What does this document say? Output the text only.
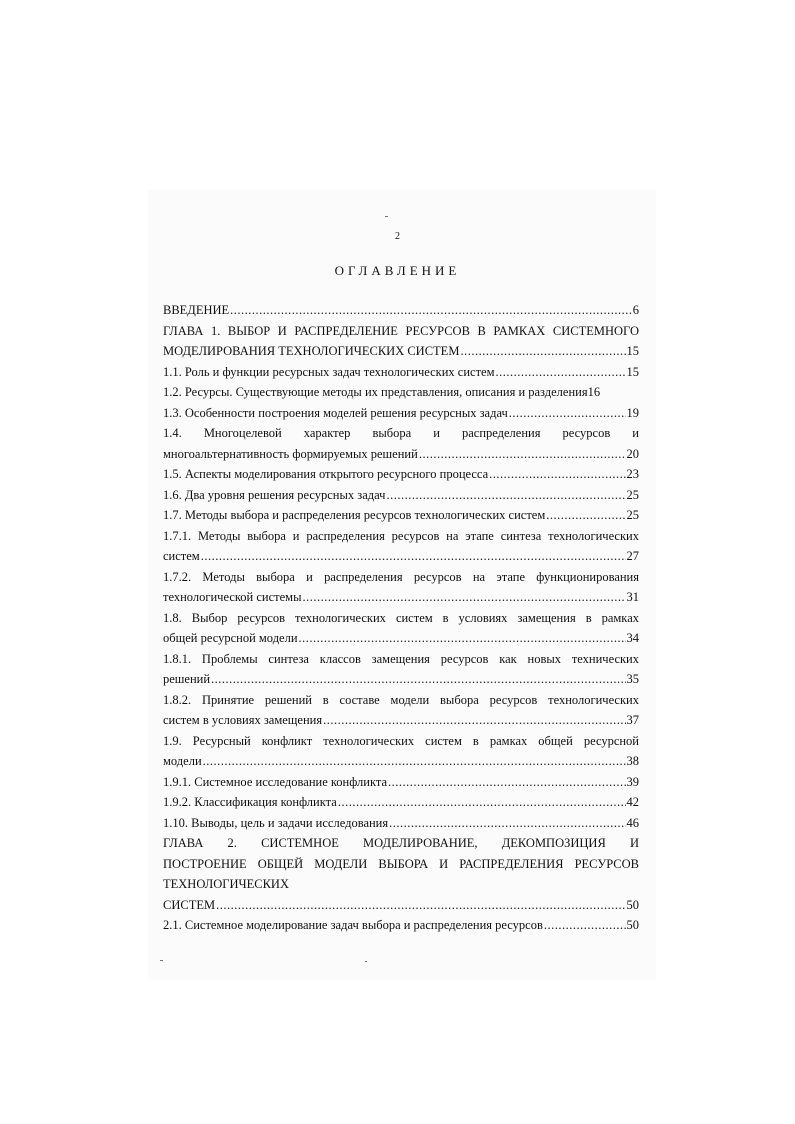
2
ОГЛАВЛЕНИЕ
ВВЕДЕНИЕ .....	6
ГЛАВА 1. ВЫБОР И РАСПРЕДЕЛЕНИЕ РЕСУРСОВ В РАМКАХ СИСТЕМНОГО
МОДЕЛИРОВАНИЯ ТЕХНОЛОГИЧЕСКИХ СИСТЕМ .....	15
1.1. Роль и функции ресурсных задач технологических систем .....	15
1.2. Ресурсы. Существующие методы их представления, описания и разделения 16
1.3. Особенности построения моделей решения ресурсных задач .....	19
1.4. Многоцелевой характер выбора и распределения ресурсов и
многоальтернативность формируемых решений .....	20
1.5. Аспекты моделирования открытого ресурсного процесса .....	23
1.6. Два уровня решения ресурсных задач .....	25
1.7. Методы выбора и распределения ресурсов технологических систем .....	25
1.7.1. Методы выбора и распределения ресурсов на этапе синтеза технологических
систем .....	27
1.7.2. Методы выбора и распределения ресурсов на этапе функционирования
технологической системы .....	31
1.8. Выбор ресурсов технологических систем в условиях замещения в рамках
общей ресурсной модели .....	34
1.8.1. Проблемы синтеза классов замещения ресурсов как новых технических
решений .....	35
1.8.2. Принятие решений в составе модели выбора ресурсов технологических
систем в условиях замещения .....	37
1.9. Ресурсный конфликт технологических систем в рамках общей ресурсной
модели .....	38
1.9.1. Системное исследование конфликта .....	39
1.9.2. Классификация конфликта .....	42
1.10. Выводы, цель и задачи исследования .....	46
ГЛАВА 2. СИСТЕМНОЕ МОДЕЛИРОВАНИЕ, ДЕКОМПОЗИЦИЯ И
ПОСТРОЕНИЕ ОБЩЕЙ МОДЕЛИ ВЫБОРА И РАСПРЕДЕЛЕНИЯ РЕСУРСОВ
ТЕХНОЛОГИЧЕСКИХ
СИСТЕМ .....	50
2.1. Системное моделирование задач выбора и распределения ресурсов .....	50
